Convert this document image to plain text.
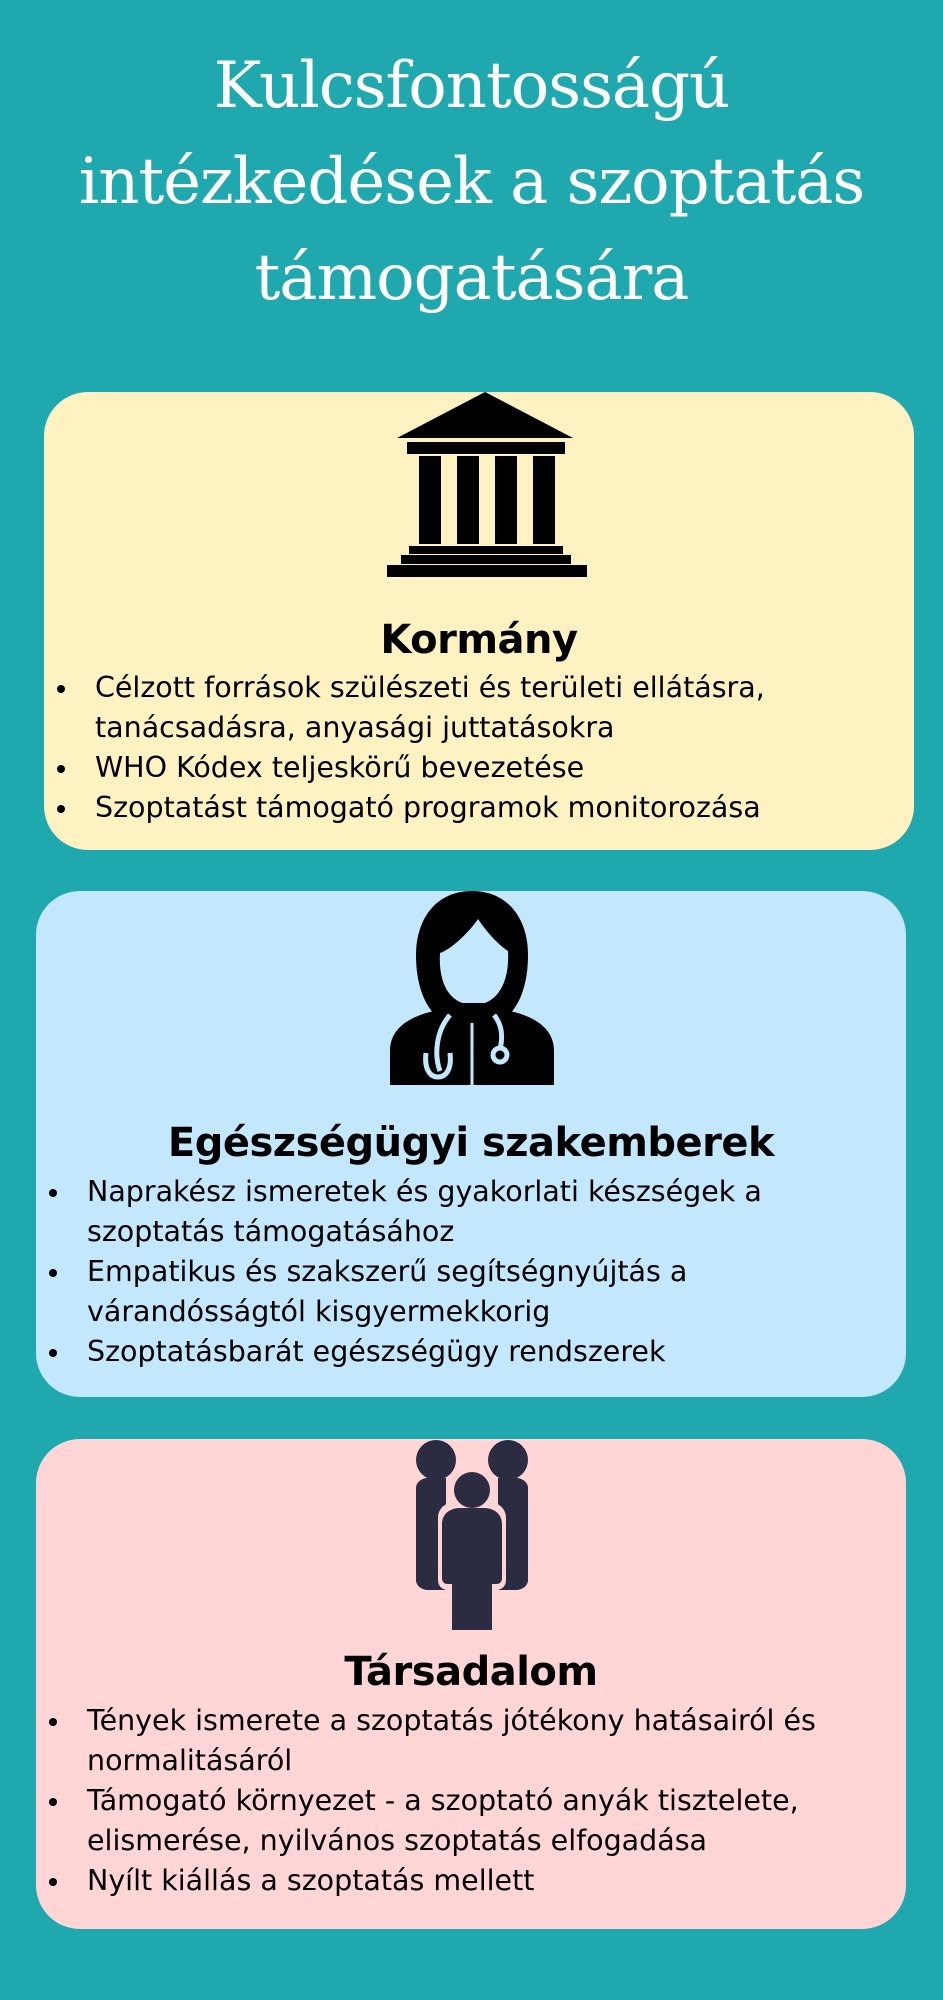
Kulcsfontosságú
intézkedések a szoptatás
támogatására
Kormány
Célzott források szülészeti és területi ellátásra, tanácsadásra, anyasági juttatásokra
WHO Kódex teljeskörű bevezetése
Szoptatást támogató programok monitorozása
Egészségügyi szakemberek
Naprakész ismeretek és gyakorlati készségek a szoptatás támogatásához
Empatikus és szakszerű segítségnyújtás a várandósságtól kisgyermekkorig
Szoptatásbarát egészségügy rendszerek
Társadalom
Tények ismerete a szoptatás jótékony hatásairól és normalitásáról
Támogató környezet - a szoptató anyák tisztelete, elismerése, nyilvános szoptatás elfogadása
Nyílt kiállás a szoptatás mellett
